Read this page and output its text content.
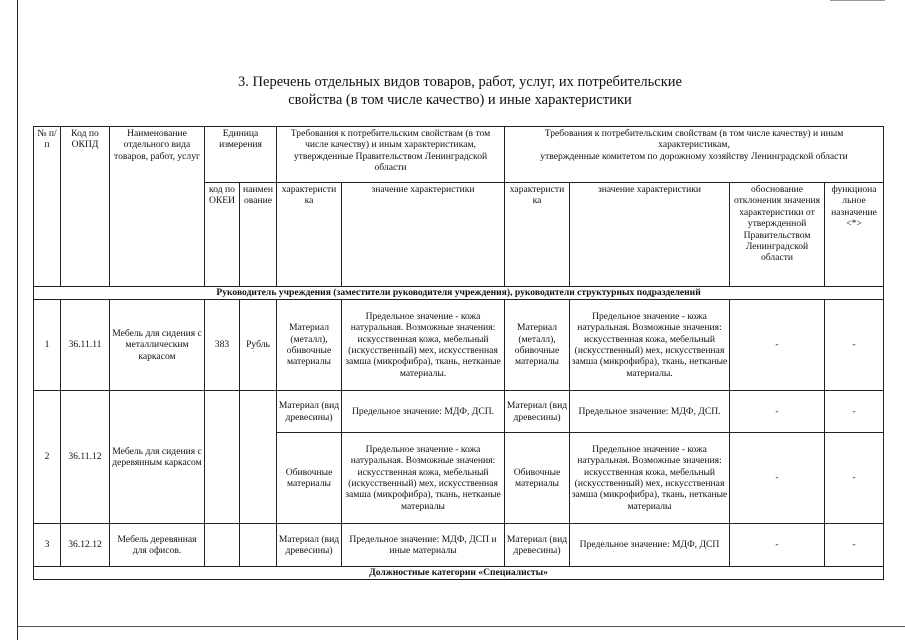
3. Перечень отдельных видов товаров, работ, услуг, их потребительские
свойства (в том числе качество) и иные характеристики
№ п/п	Код по ОКПД	Наименование отдельного вида товаров, работ, услуг	Единица измерения		Требования к потребительским свойствам (в том числе качеству) и иным характеристикам, утвержденные Правительством Ленинградской области		Требования к потребительским свойствам (в том числе качеству) и иным
характеристикам,
утвержденные комитетом по дорожному хозяйству Ленинградской области			

			код по ОКЕИ	наимен ование	характеристи ка	значение характеристики	характеристи ка	значение характеристики	обоснование отклонения значения характеристики от утвержденной Правительством Ленинградской области	функциона льное назначение <*>
Руководитель учреждения (заместители руководителя учреждения), руководители структурных подразделений										
1	36.11.11	Мебель для сидения с металлическим каркасом	383	Рубль	Материал (металл), обивочные материалы	Предельное значение - кожа натуральная. Возможные значения: искусственная кожа, мебельный (искусственный) мех, искусственная замша (микрофибра), ткань, нетканые материалы.	Материал (металл), обивочные материалы	Предельное значение - кожа натуральная. Возможные значения: искусственная кожа, мебельный (искусственный) мех, искусственная замша (микрофибра), ткань, нетканые материалы.	-	-
2	36.11.12	Мебель для сидения с деревянным каркасом			Материал (вид древесины)	Предельное значение: МДФ, ДСП.	Материал (вид древесины)	Предельное значение: МДФ, ДСП.	-	-
					Обивочные материалы	Предельное значение - кожа натуральная. Возможные значения: искусственная кожа, мебельный (искусственный) мех, искусственная замша (микрофибра), ткань, нетканые материалы	Обивочные материалы	Предельное значение - кожа натуральная. Возможные значения: искусственная кожа, мебельный (искусственный) мех, искусственная замша (микрофибра), ткань, нетканые материалы	-	-
3	36.12.12	Мебель деревянная для офисов.			Материал (вид древесины)	Предельное значение: МДФ, ДСП и иные материалы	Материал (вид древесины)	Предельное значение: МДФ, ДСП	-	-
Должностные категории «Специалисты»										
